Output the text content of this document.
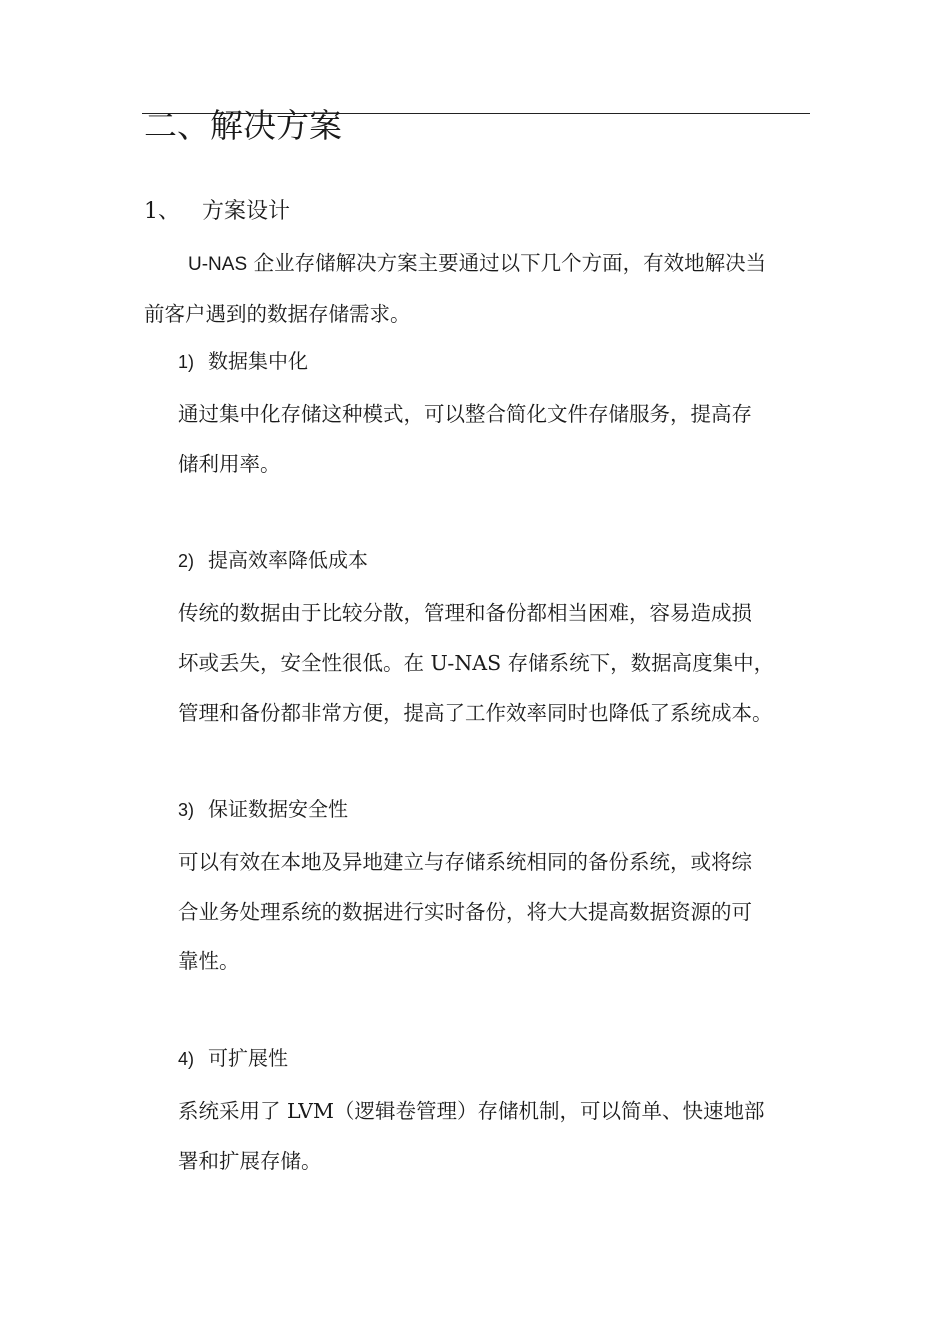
二、解决方案
1、 方案设计
U-NAS 企业存储解决方案主要通过以下几个方面，有效地解决当
前客户遇到的数据存储需求。
1) 数据集中化
通过集中化存储这种模式，可以整合简化文件存储服务，提高存
储利用率。
2) 提高效率降低成本
传统的数据由于比较分散，管理和备份都相当困难，容易造成损
坏或丢失，安全性很低。在 U-NAS 存储系统下，数据高度集中，
管理和备份都非常方便，提高了工作效率同时也降低了系统成本。
3) 保证数据安全性
可以有效在本地及异地建立与存储系统相同的备份系统，或将综
合业务处理系统的数据进行实时备份，将大大提高数据资源的可
靠性。
4) 可扩展性
系统采用了 LVM（逻辑卷管理）存储机制，可以简单、快速地部
署和扩展存储。
